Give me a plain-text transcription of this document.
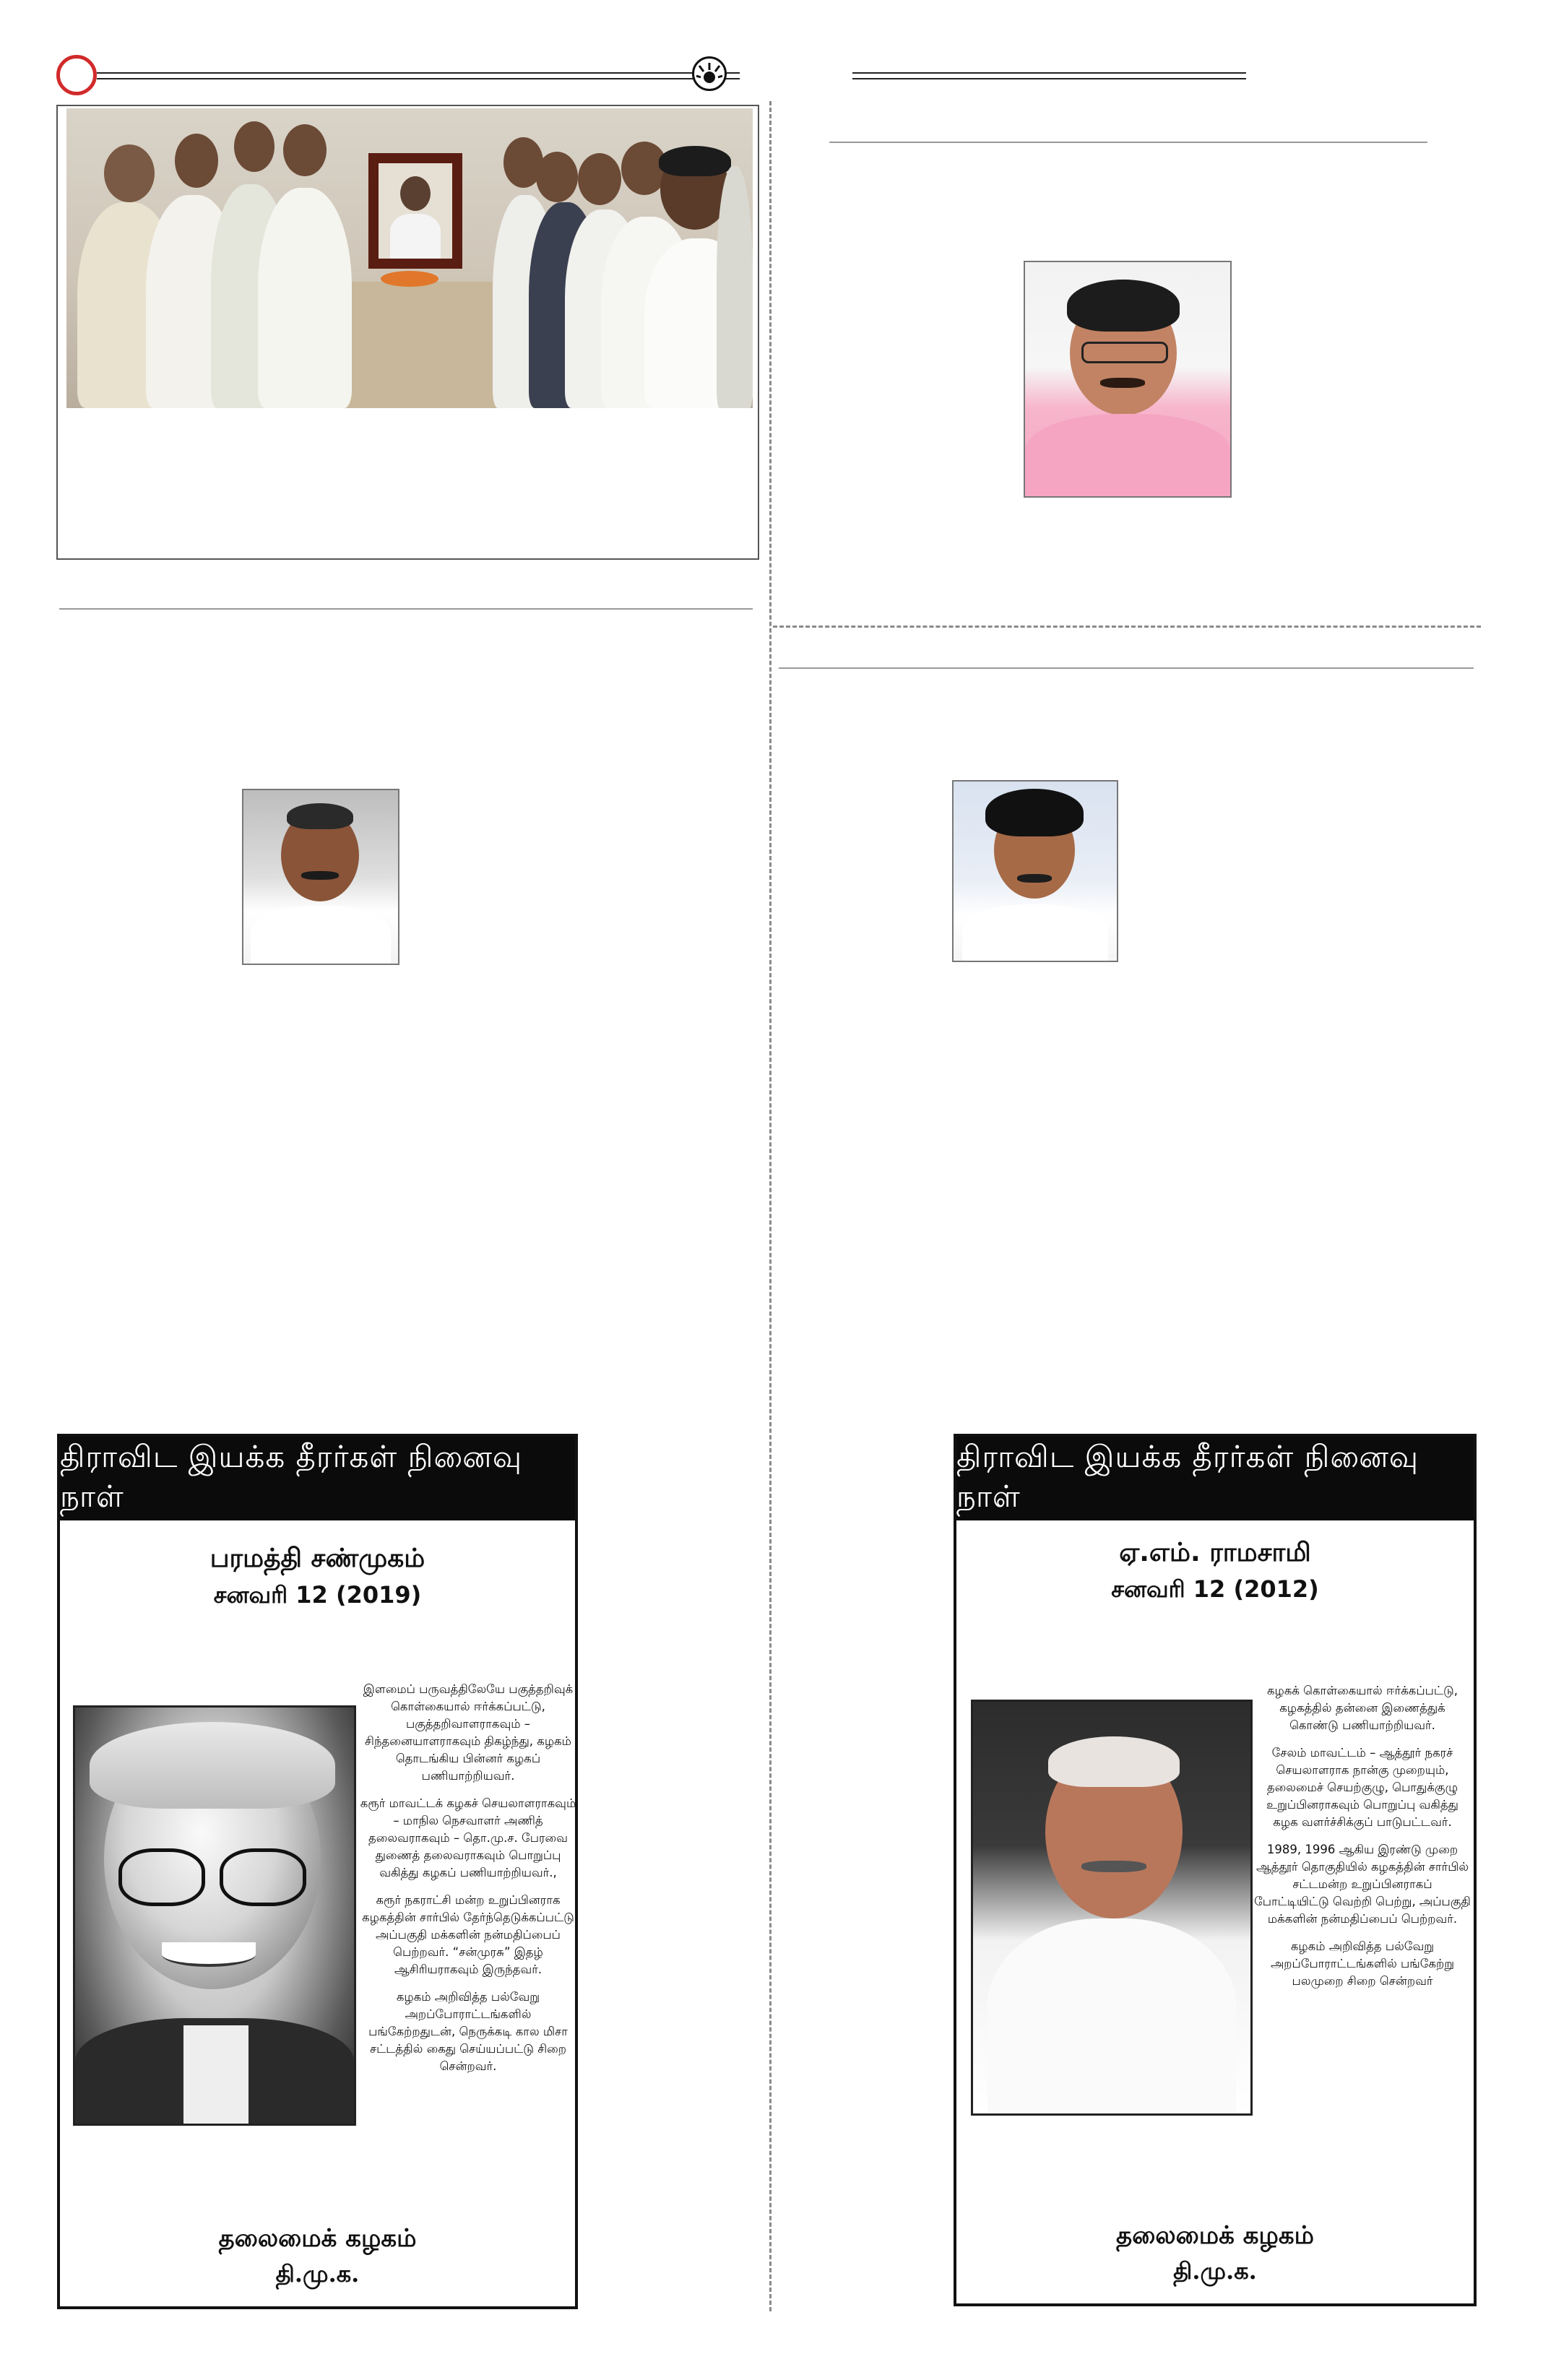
திராவிட இயக்க தீரர்கள் நினைவு நாள்
பரமத்தி சண்முகம்
சனவரி 12 (2019)

இளமைப் பருவத்திலேயே பகுத்தறிவுக் கொள்கையால் ஈர்க்கப்பட்டு, பகுத்தறிவாளராகவும் – சிந்தனையாளராகவும் திகழ்ந்து, கழகம் தொடங்கிய பின்னர் கழகப் பணியாற்றியவர்.

கரூர் மாவட்டக் கழகச் செயலாளராகவும் – மாநில நெசவாளர் அணித் தலைவராகவும் – தொ.மு.ச. பேரவை துணைத் தலைவராகவும் பொறுப்பு வகித்து கழகப் பணியாற்றியவர்.,

கரூர் நகராட்சி மன்ற உறுப்பினராக கழகத்தின் சார்பில் தேர்ந்தெடுக்கப்பட்டு அப்பகுதி மக்களின் நன்மதிப்பைப் பெற்றவர். “சன்முரசு” இதழ் ஆசிரியராகவும் இருந்தவர்.

கழகம் அறிவித்த பல்வேறு அறப்போராட்டங்களில் பங்கேற்றதுடன், நெருக்கடி கால மிசா சட்டத்தில் கைது செய்யப்பட்டு சிறை சென்றவர்.

தலைமைக் கழகம்
தி.மு.க.
திராவிட இயக்க தீரர்கள் நினைவு நாள்
ஏ.எம். ராமசாமி
சனவரி 12 (2012)

கழகக் கொள்கையால் ஈர்க்கப்பட்டு, கழகத்தில் தன்னை இணைத்துக் கொண்டு பணியாற்றியவர்.

சேலம் மாவட்டம் – ஆத்தூர் நகரச் செயலாளராக நான்கு முறையும், தலைமைச் செயற்குழு, பொதுக்குழு உறுப்பினராகவும் பொறுப்பு வகித்து கழக வளர்ச்சிக்குப் பாடுபட்டவர்.

1989, 1996 ஆகிய இரண்டு முறை ஆத்தூர் தொகுதியில் கழகத்தின் சார்பில் சட்டமன்ற உறுப்பினராகப் போட்டியிட்டு வெற்றி பெற்று, அப்பகுதி மக்களின் நன்மதிப்பைப் பெற்றவர்.

கழகம் அறிவித்த பல்வேறு அறப்போராட்டங்களில் பங்கேற்று பலமுறை சிறை சென்றவர்

தலைமைக் கழகம்
தி.மு.க.
